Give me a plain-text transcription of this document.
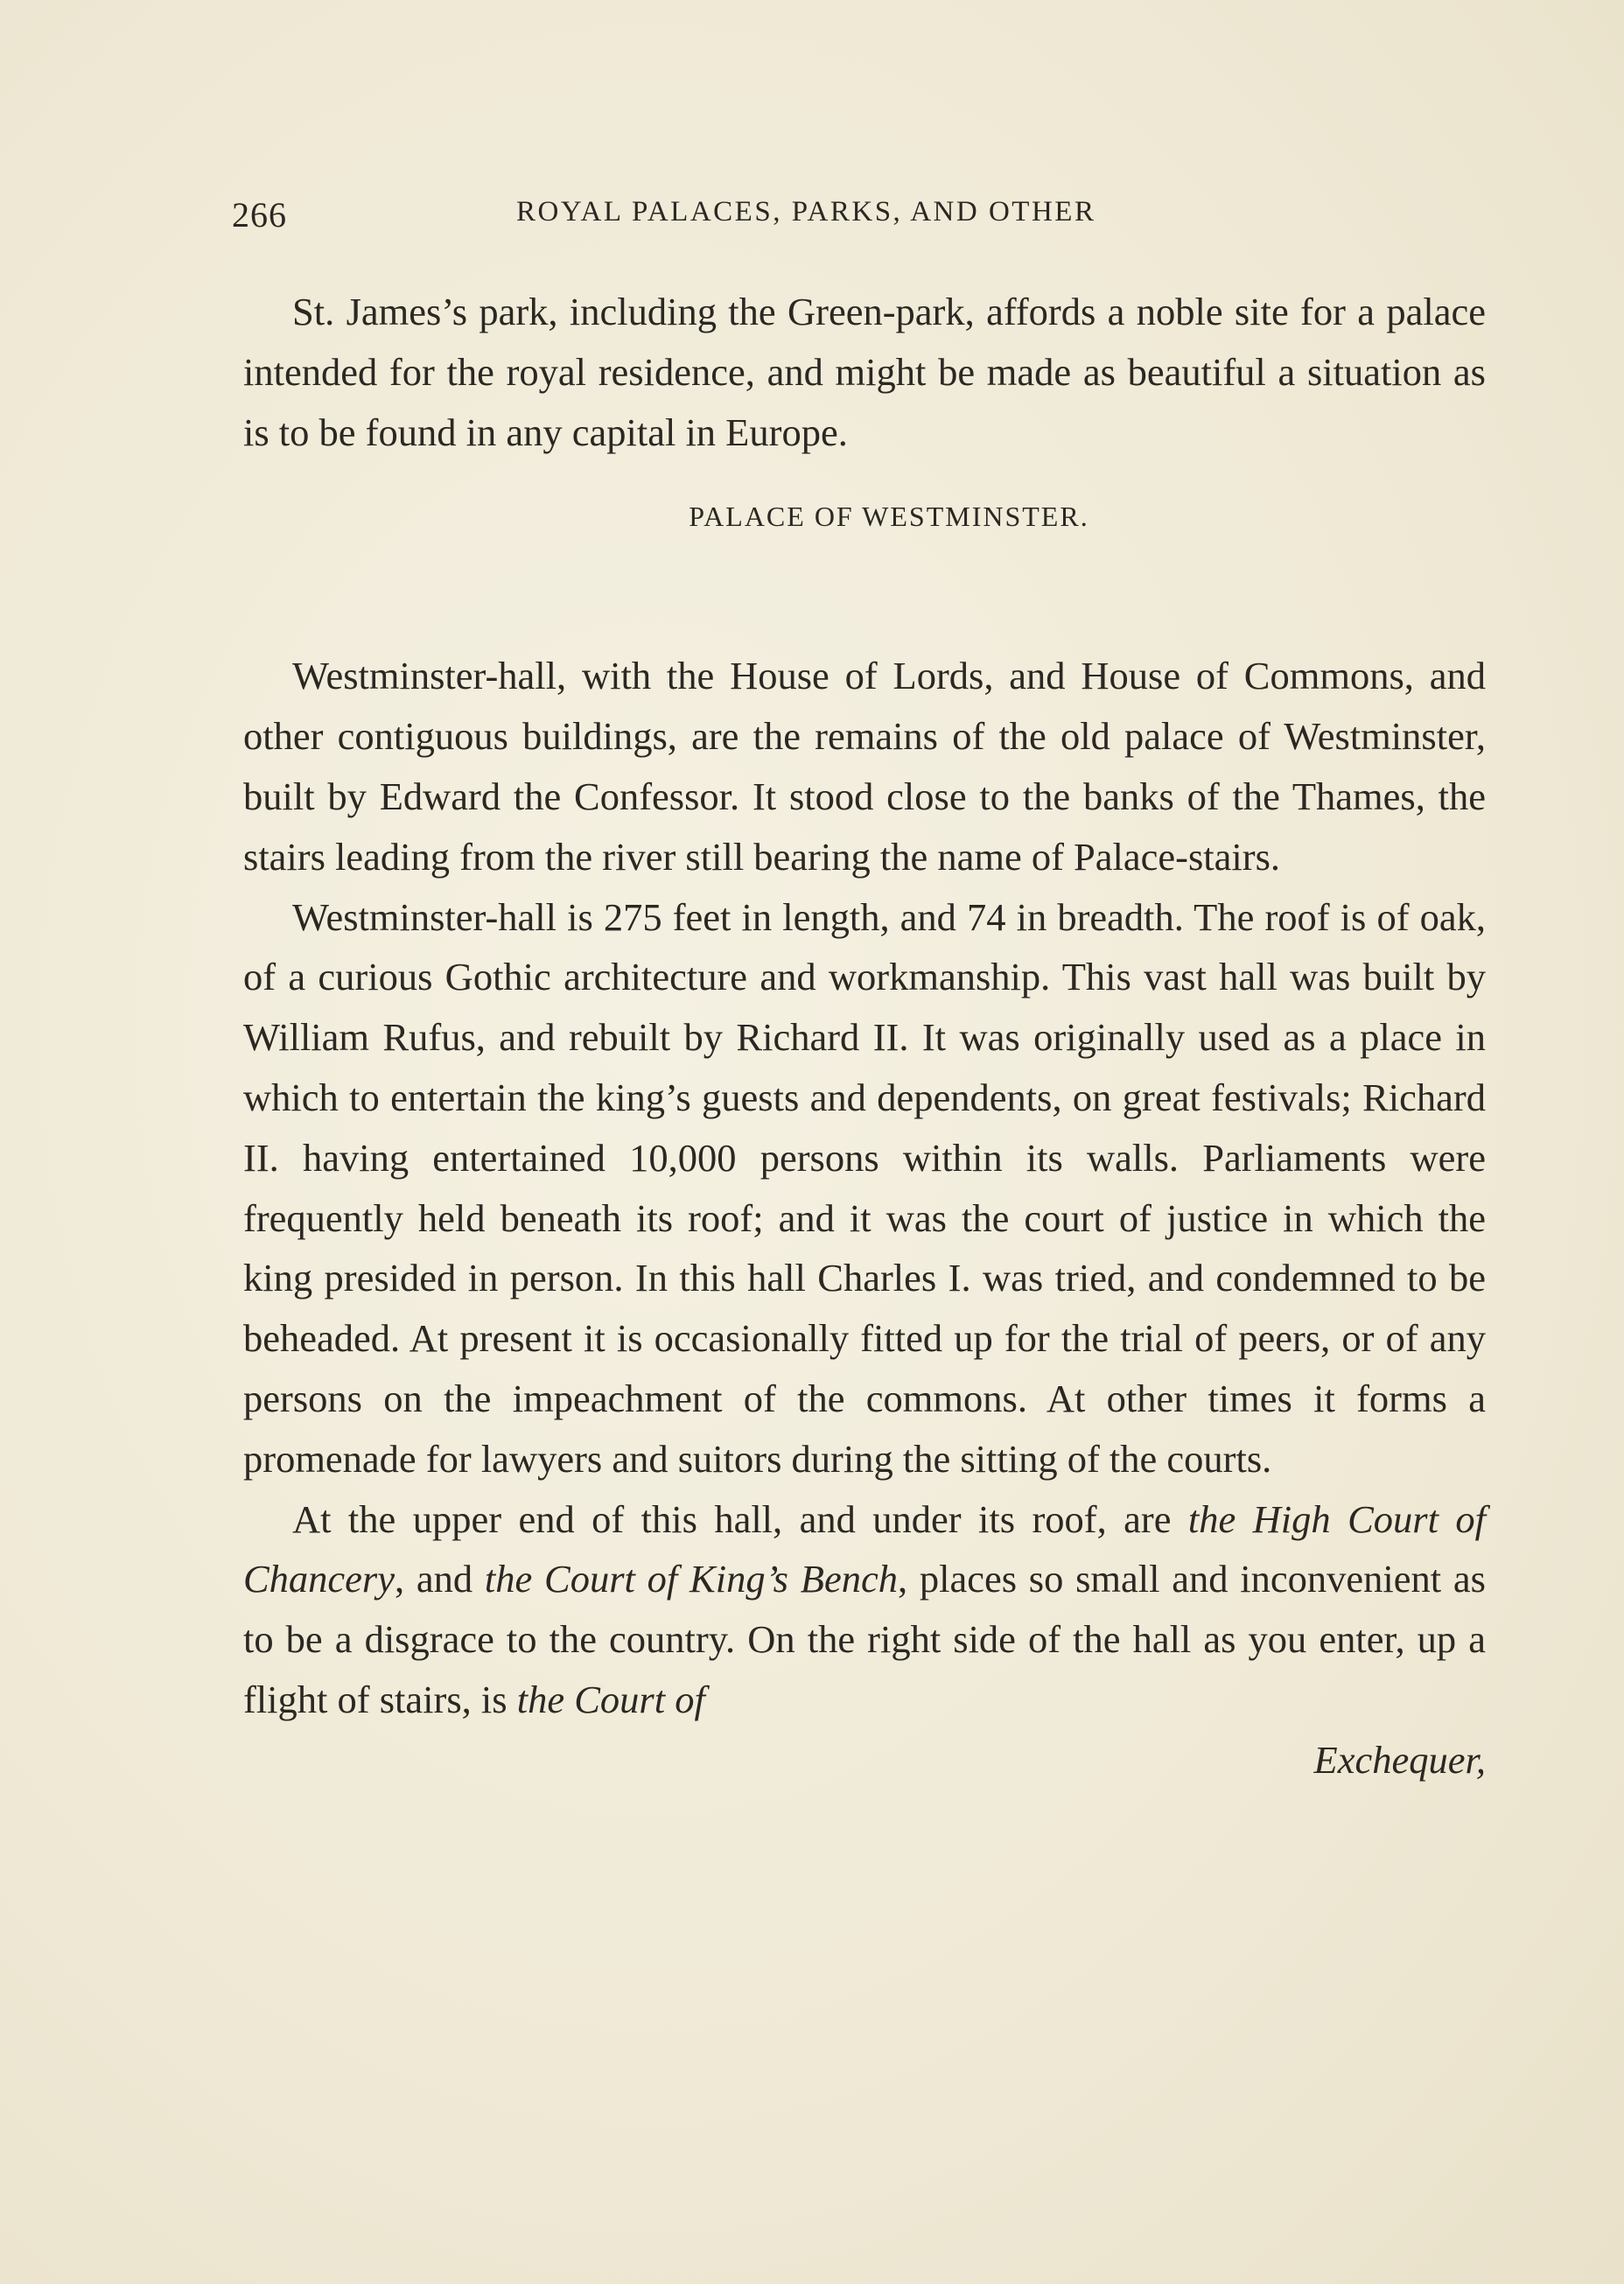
266	ROYAL PALACES, PARKS, AND OTHER

St. James’s park, including the Green-park, affords a noble site for a palace intended for the royal residence, and might be made as beautiful a situation as is to be found in any capital in Europe.

PALACE OF WESTMINSTER.

Westminster-hall, with the House of Lords, and House of Commons, and other contiguous buildings, are the remains of the old palace of Westminster, built by Edward the Confessor. It stood close to the banks of the Thames, the stairs leading from the river still bearing the name of Palace-stairs.

Westminster-hall is 275 feet in length, and 74 in breadth. The roof is of oak, of a curious Gothic architecture and workmanship. This vast hall was built by William Rufus, and rebuilt by Richard II. It was originally used as a place in which to entertain the king’s guests and dependents, on great festivals; Richard II. having entertained 10,000 persons within its walls. Parliaments were frequently held beneath its roof; and it was the court of justice in which the king presided in person. In this hall Charles I. was tried, and condemned to be beheaded. At present it is occasionally fitted up for the trial of peers, or of any persons on the impeachment of the commons. At other times it forms a promenade for lawyers and suitors during the sitting of the courts.

At the upper end of this hall, and under its roof, are the High Court of Chancery, and the Court of King’s Bench, places so small and inconvenient as to be a disgrace to the country. On the right side of the hall as you enter, up a flight of stairs, is the Court of

Exchequer,
